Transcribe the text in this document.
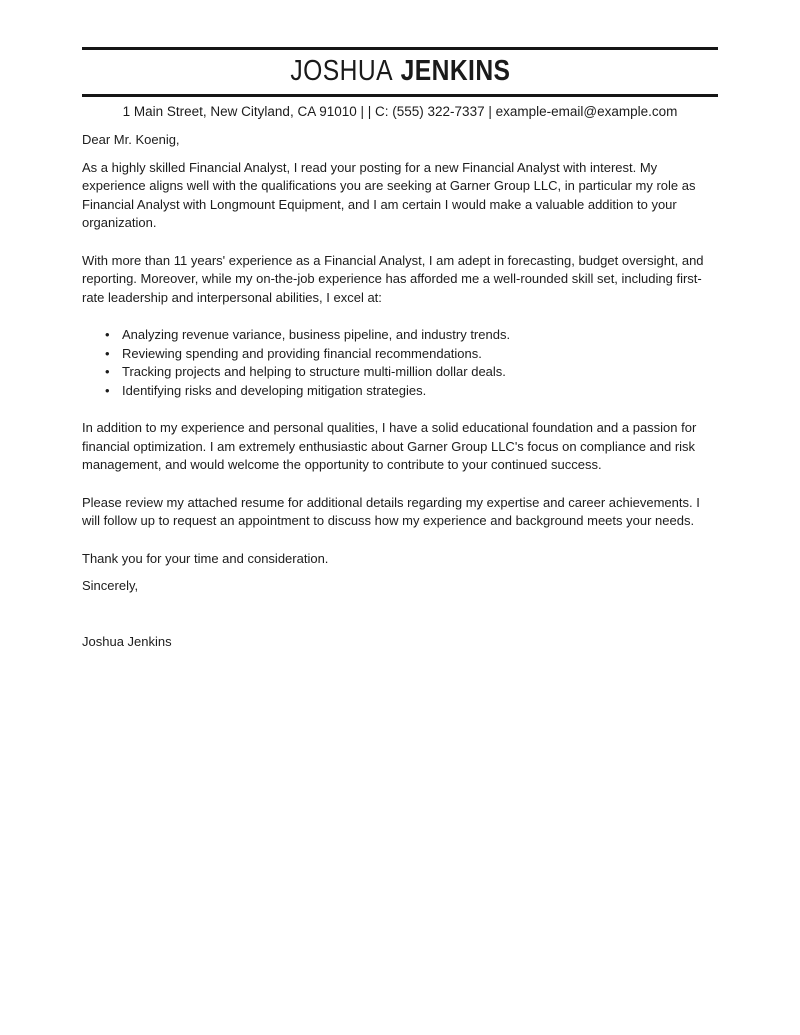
JOSHUA JENKINS
1 Main Street, New Cityland, CA 91010 | | C: (555) 322-7337 | example-email@example.com

Dear Mr. Koenig,

As a highly skilled Financial Analyst, I read your posting for a new Financial Analyst with interest. My experience aligns well with the qualifications you are seeking at Garner Group LLC, in particular my role as Financial Analyst with Longmount Equipment, and I am certain I would make a valuable addition to your organization.

With more than 11 years' experience as a Financial Analyst, I am adept in forecasting, budget oversight, and reporting. Moreover, while my on-the-job experience has afforded me a well-rounded skill set, including first-rate leadership and interpersonal abilities, I excel at:

• Analyzing revenue variance, business pipeline, and industry trends.
• Reviewing spending and providing financial recommendations.
• Tracking projects and helping to structure multi-million dollar deals.
• Identifying risks and developing mitigation strategies.

In addition to my experience and personal qualities, I have a solid educational foundation and a passion for financial optimization. I am extremely enthusiastic about Garner Group LLC's focus on compliance and risk management, and would welcome the opportunity to contribute to your continued success.

Please review my attached resume for additional details regarding my expertise and career achievements. I will follow up to request an appointment to discuss how my experience and background meets your needs.

Thank you for your time and consideration.

Sincerely,

Joshua Jenkins
